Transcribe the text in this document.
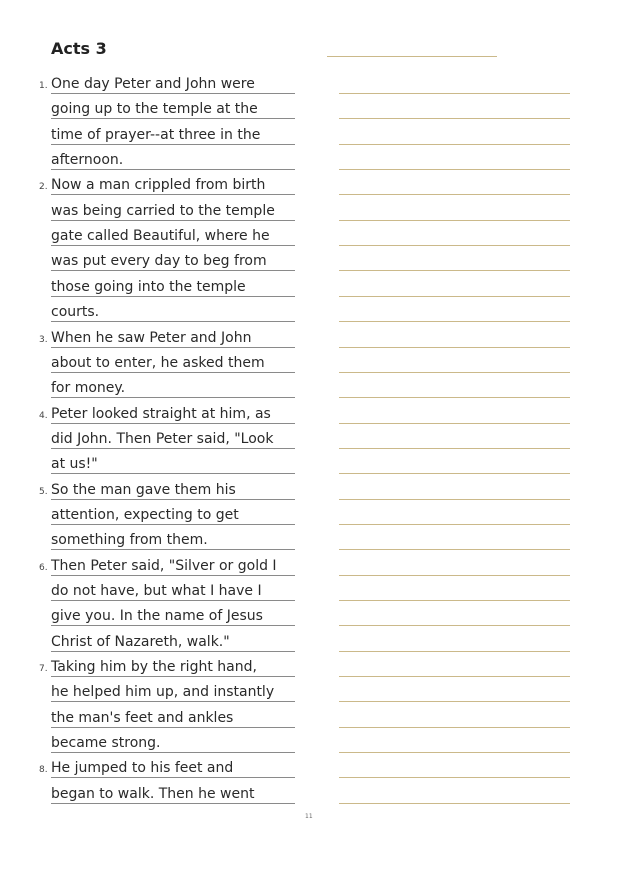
Acts 3
1. One day Peter and John were
going up to the temple at the
time of prayer--at three in the
afternoon.
2. Now a man crippled from birth
was being carried to the temple
gate called Beautiful, where he
was put every day to beg from
those going into the temple
courts.
3. When he saw Peter and John
about to enter, he asked them
for money.
4. Peter looked straight at him, as
did John. Then Peter said, "Look
at us!"
5. So the man gave them his
attention, expecting to get
something from them.
6. Then Peter said, "Silver or gold I
do not have, but what I have I
give you. In the name of Jesus
Christ of Nazareth, walk."
7. Taking him by the right hand,
he helped him up, and instantly
the man's feet and ankles
became strong.
8. He jumped to his feet and
began to walk. Then he went
11
